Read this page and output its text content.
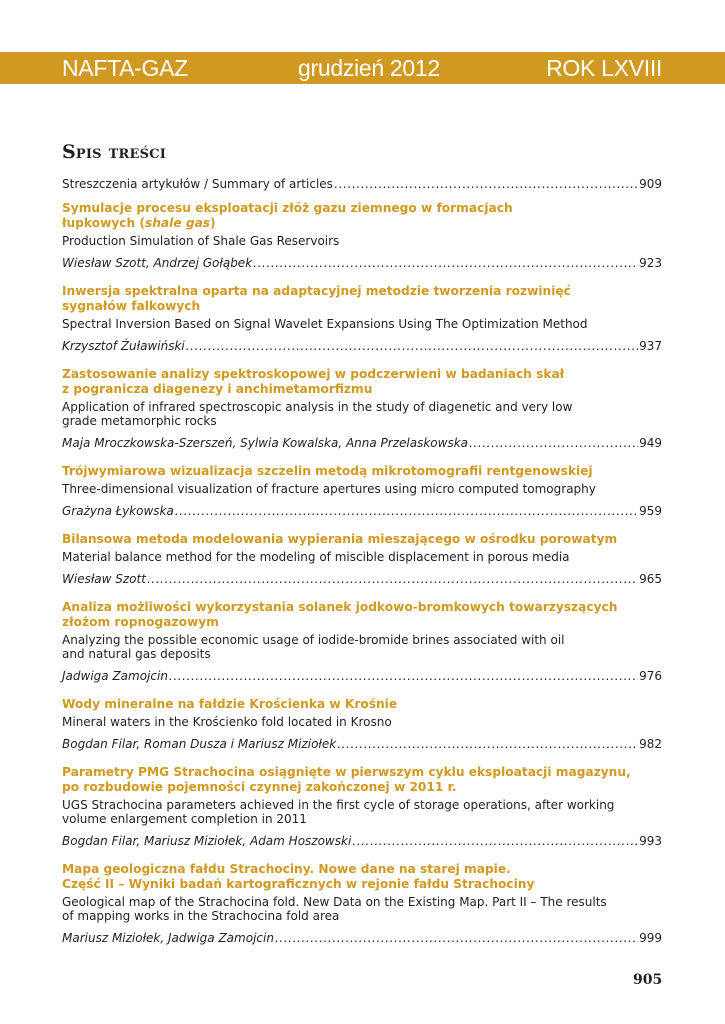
NAFTA-GAZ	grudzień 2012	ROK LXVIII
Spis treści
Streszczenia artykułów / Summary of articles .....	909
Symulacje procesu eksploatacji złóż gazu ziemnego w formacjach
łupkowych (shale gas)
Production Simulation of Shale Gas Reservoirs
Wiesław Szott, Andrzej Gołąbek .....	923
Inwersja spektralna oparta na adaptacyjnej metodzie tworzenia rozwinięć
sygnałów falkowych
Spectral Inversion Based on Signal Wavelet Expansions Using The Optimization Method
Krzysztof Żuławiński .....	937
Zastosowanie analizy spektroskopowej w podczerwieni w badaniach skał
z pogranicza diagenezy i anchimetamorfizmu
Application of infrared spectroscopic analysis in the study of diagenetic and very low
grade metamorphic rocks
Maja Mroczkowska-Szerszeń, Sylwia Kowalska, Anna Przelaskowska .....	949
Trójwymiarowa wizualizacja szczelin metodą mikrotomografii rentgenowskiej
Three-dimensional visualization of fracture apertures using micro computed tomography
Grażyna Łykowska .....	959
Bilansowa metoda modelowania wypierania mieszającego w ośrodku porowatym
Material balance method for the modeling of miscible displacement in porous media
Wiesław Szott .....	965
Analiza możliwości wykorzystania solanek jodkowo-bromkowych towarzyszących
złożom ropnogazowym
Analyzing the possible economic usage of iodide-bromide brines associated with oil
and natural gas deposits
Jadwiga Zamojcin .....	976
Wody mineralne na fałdzie Krościenka w Krośnie
Mineral waters in the Krościenko fold located in Krosno
Bogdan Filar, Roman Dusza i Mariusz Miziołek .....	982
Parametry PMG Strachocina osiągnięte w pierwszym cyklu eksploatacji magazynu,
po rozbudowie pojemności czynnej zakończonej w 2011 r.
UGS Strachocina parameters achieved in the first cycle of storage operations, after working
volume enlargement completion in 2011
Bogdan Filar, Mariusz Miziołek, Adam Hoszowski .....	993
Mapa geologiczna fałdu Strachociny. Nowe dane na starej mapie.
Część II – Wyniki badań kartograficznych w rejonie fałdu Strachociny
Geological map of the Strachocina fold. New Data on the Existing Map. Part II – The results
of mapping works in the Strachocina fold area
Mariusz Miziołek, Jadwiga Zamojcin .....	999
905
